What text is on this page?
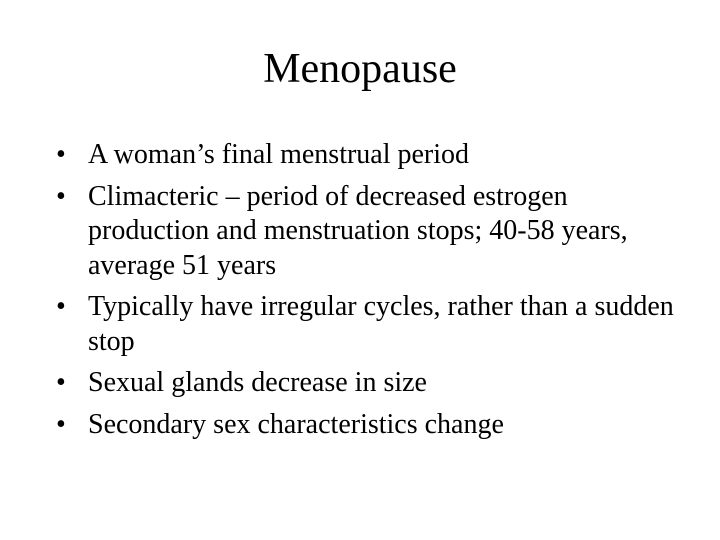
Menopause
• A woman’s final menstrual period
• Climacteric – period of decreased estrogen production and menstruation stops; 40-58 years, average 51 years
• Typically have irregular cycles, rather than a sudden stop
• Sexual glands decrease in size
• Secondary sex characteristics change
